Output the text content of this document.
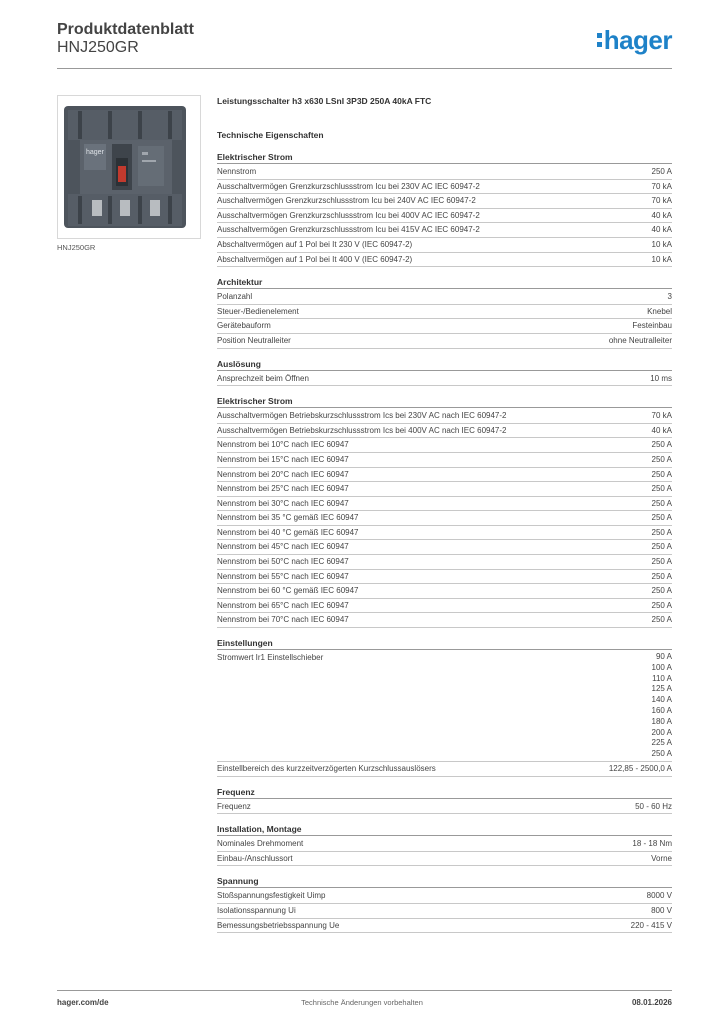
Produktdatenblatt
HNJ250GR	hager
hager
HNJ250GR
Leistungsschalter h3 x630 LSnI 3P3D 250A 40kA FTC
Technische Eigenschaften
Elektrischer Strom
Nennstrom	250 A
Ausschaltvermögen Grenzkurzschlussstrom Icu bei 230V AC IEC 60947-2	70 kA
Auschaltvermögen Grenzkurzschlussstrom Icu bei 240V AC IEC 60947-2	70 kA
Ausschaltvermögen Grenzkurzschlussstrom Icu bei 400V AC IEC 60947-2	40 kA
Ausschaltvermögen Grenzkurzschlussstrom Icu bei 415V AC IEC 60947-2	40 kA
Abschaltvermögen auf 1 Pol bei It 230 V (IEC 60947-2)	10 kA
Abschaltvermögen auf 1 Pol bei It 400 V (IEC 60947-2)	10 kA
Architektur
Polanzahl	3
Steuer-/Bedienelement	Knebel
Gerätebauform	Festeinbau
Position Neutralleiter	ohne Neutralleiter
Auslösung
Ansprechzeit beim Öffnen	10 ms
Elektrischer Strom
Ausschaltvermögen Betriebskurzschlussstrom Ics bei 230V AC nach IEC 60947-2	70 kA
Ausschaltvermögen Betriebskurzschlussstrom Ics bei 400V AC nach IEC 60947-2	40 kA
Nennstrom bei 10°C nach IEC 60947	250 A
Nennstrom bei 15°C nach IEC 60947	250 A
Nennstrom bei 20°C nach IEC 60947	250 A
Nennstrom bei 25°C nach IEC 60947	250 A
Nennstrom bei 30°C nach IEC 60947	250 A
Nennstrom bei 35 °C gemäß IEC 60947	250 A
Nennstrom bei 40 °C gemäß IEC 60947	250 A
Nennstrom bei 45°C nach IEC 60947	250 A
Nennstrom bei 50°C nach IEC 60947	250 A
Nennstrom bei 55°C nach IEC 60947	250 A
Nennstrom bei 60 °C gemäß IEC 60947	250 A
Nennstrom bei 65°C nach IEC 60947	250 A
Nennstrom bei 70°C nach IEC 60947	250 A
Einstellungen
Stromwert Ir1 Einstellschieber	90 A
100 A
110 A
125 A
140 A
160 A
180 A
200 A
225 A
250 A
Einstellbereich des kurzzeitverzögerten Kurzschlussauslösers	122,85 - 2500,0 A
Frequenz
Frequenz	50 - 60 Hz
Installation, Montage
Nominales Drehmoment	18 - 18 Nm
Einbau-/Anschlussort	Vorne
Spannung
Stoßspannungsfestigkeit Uimp	8000 V
Isolationsspannung Ui	800 V
Bemessungsbetriebsspannung Ue	220 - 415 V
hager.com/de	Technische Änderungen vorbehalten	08.01.2026
